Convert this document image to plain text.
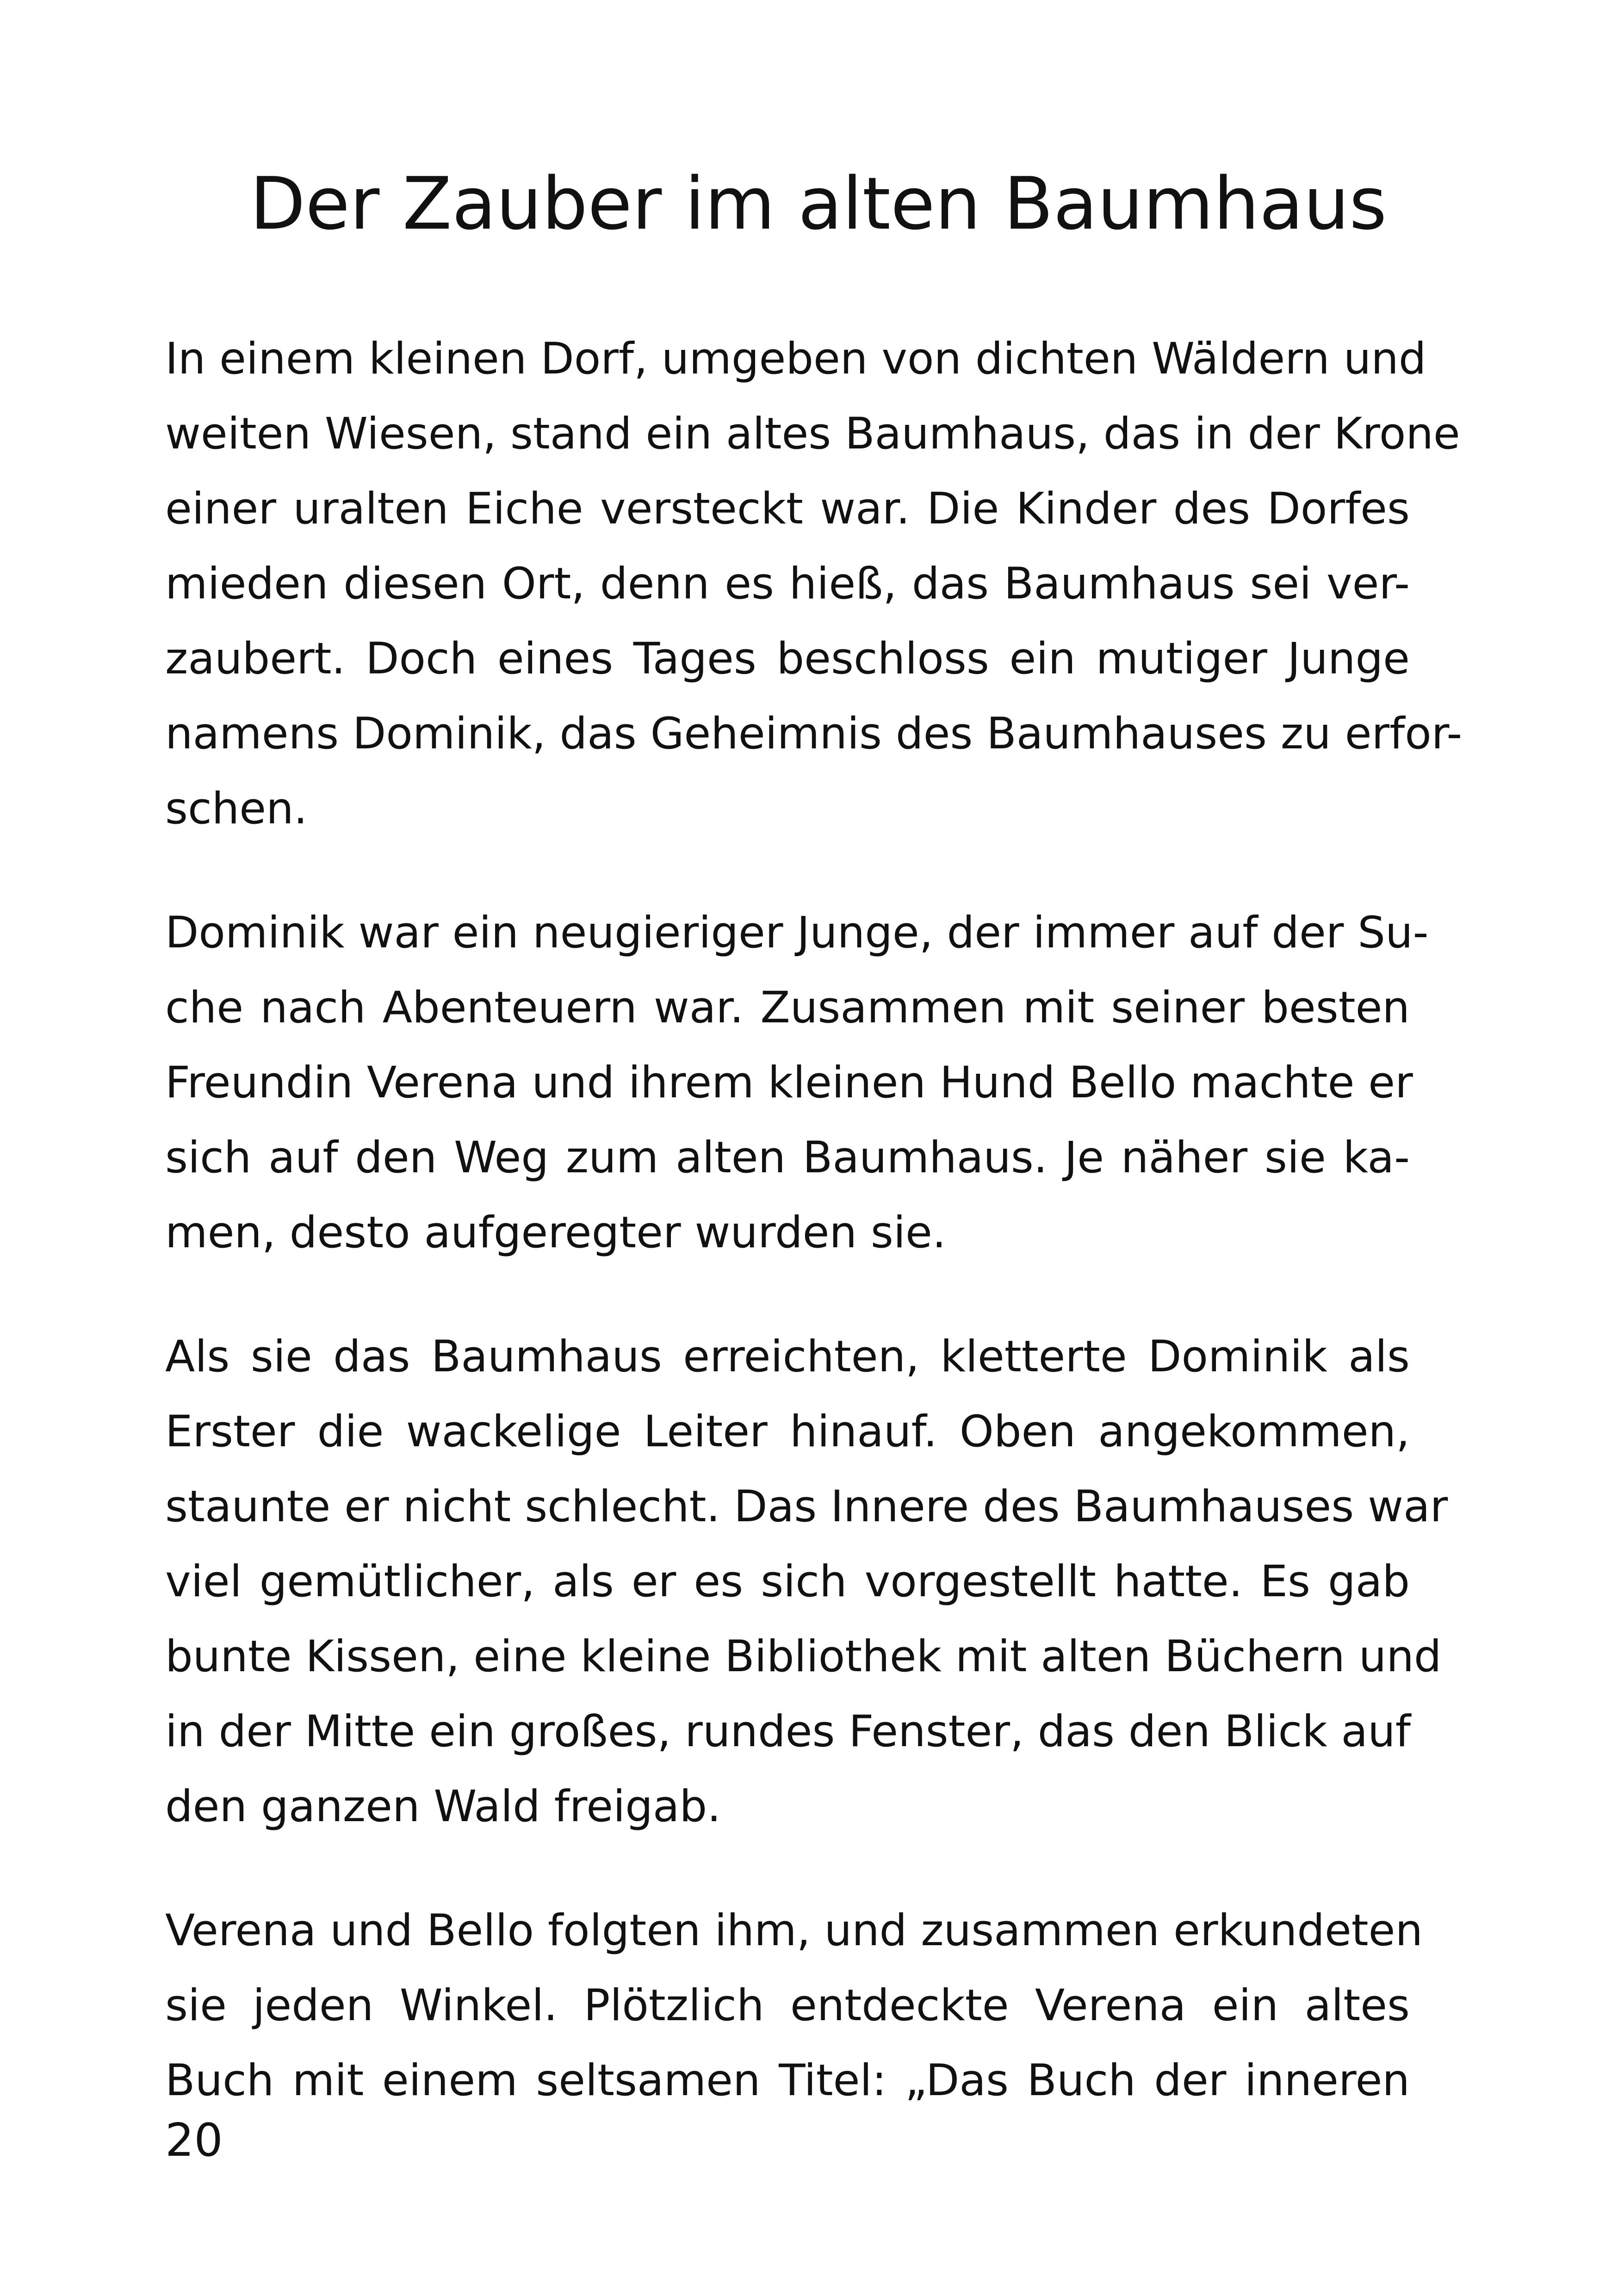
Der Zauber im alten Baumhaus

In einem kleinen Dorf, umgeben von dichten Wäldern und
weiten Wiesen, stand ein altes Baumhaus, das in der Krone
einer uralten Eiche versteckt war. Die Kinder des Dorfes
mieden diesen Ort, denn es hieß, das Baumhaus sei ver-
zaubert. Doch eines Tages beschloss ein mutiger Junge
namens Dominik, das Geheimnis des Baumhauses zu erfor-
schen.

Dominik war ein neugieriger Junge, der immer auf der Su-
che nach Abenteuern war. Zusammen mit seiner besten
Freundin Verena und ihrem kleinen Hund Bello machte er
sich auf den Weg zum alten Baumhaus. Je näher sie ka-
men, desto aufgeregter wurden sie.

Als sie das Baumhaus erreichten, kletterte Dominik als
Erster die wackelige Leiter hinauf. Oben angekommen,
staunte er nicht schlecht. Das Innere des Baumhauses war
viel gemütlicher, als er es sich vorgestellt hatte. Es gab
bunte Kissen, eine kleine Bibliothek mit alten Büchern und
in der Mitte ein großes, rundes Fenster, das den Blick auf
den ganzen Wald freigab.

Verena und Bello folgten ihm, und zusammen erkundeten
sie jeden Winkel. Plötzlich entdeckte Verena ein altes
Buch mit einem seltsamen Titel: „Das Buch der inneren

20
